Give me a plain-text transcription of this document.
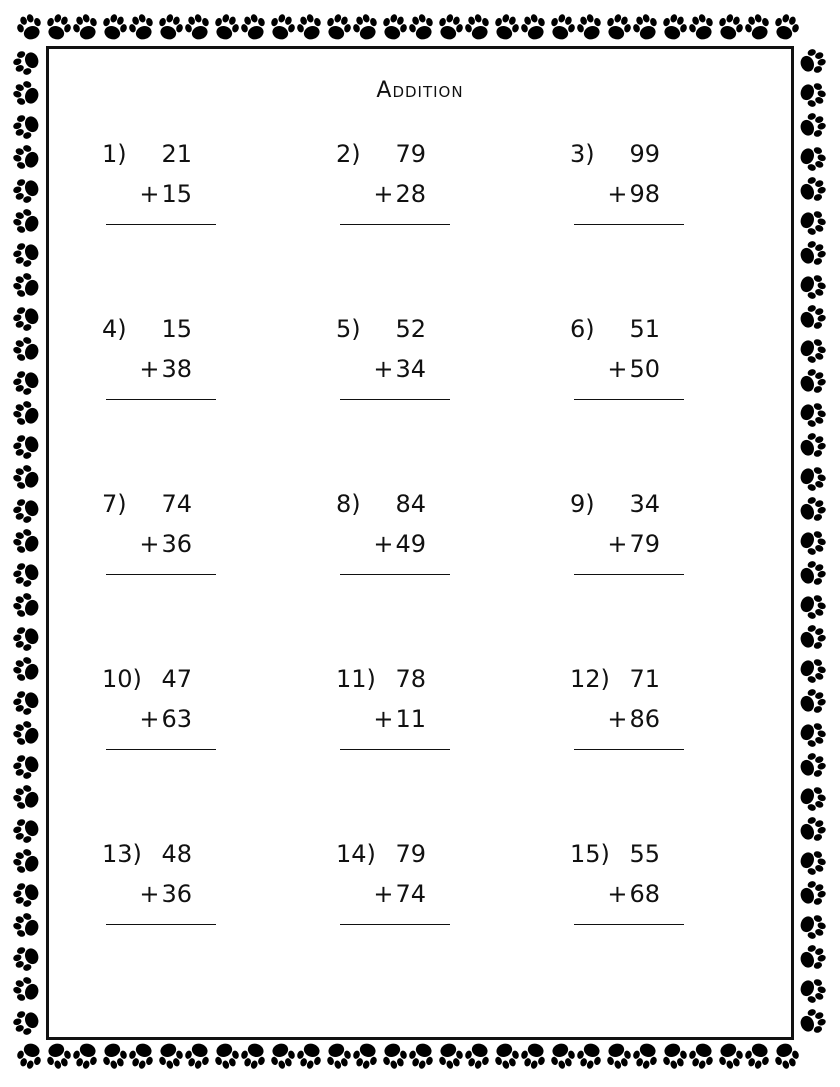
Addition
1) 21
+15
2) 79
+28
3) 99
+98
4) 15
+38
5) 52
+34
6) 51
+50
7) 74
+36
8) 84
+49
9) 34
+79
10) 47
+63
11) 78
+11
12) 71
+86
13) 48
+36
14) 79
+74
15) 55
+68
